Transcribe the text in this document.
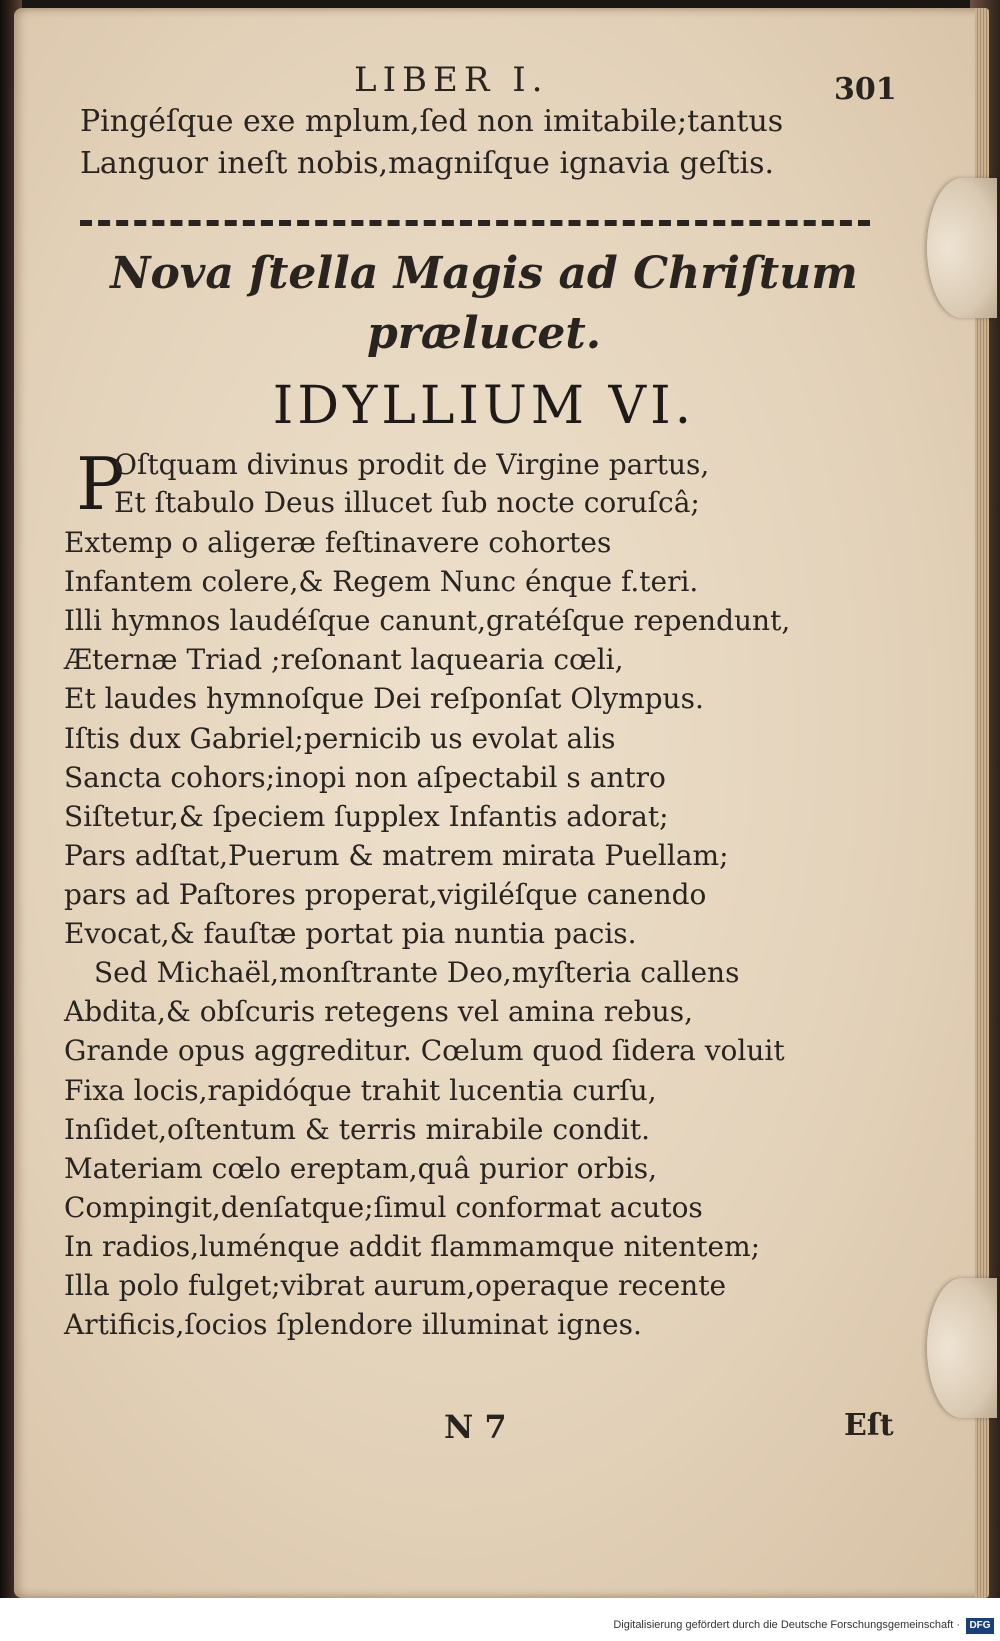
LIBER I.	301
Pingéſque exe mplum,ſed non imitabile;tantus
Languor ineſt nobis,magniſque ignavia geſtis.
Nova ſtella Magis ad Chriſtum
prælucet.
IDYLLIUM VI.
P
Oſtquam divinus prodit de Virgine partus,
Et ſtabulo Deus illucet ſub nocte coruſcâ;
Extemp o aligeræ feſtinavere cohortes
Infantem colere,& Regem Nunc énque f.teri.
Illi hymnos laudéſque canunt,gratéſque rependunt,
Æternæ Triad ;reſonant laquearia cœli,
Et laudes hymnoſque Dei reſponſat Olympus.
Iſtis dux Gabriel;pernicib us evolat alis
Sancta cohors;inopi non aſpectabil s antro
Siſtetur,& ſpeciem ſupplex Infantis adorat;
Pars adſtat,Puerum & matrem mirata Puellam;
pars ad Paſtores properat,vigiléſque canendo
Evocat,& fauſtæ portat pia nuntia pacis.
Sed Michaël,monſtrante Deo,myſteria callens
Abdita,& obſcuris retegens vel amina rebus,
Grande opus aggreditur. Cœlum quod ſidera voluit
Fixa locis,rapidóque trahit lucentia curſu,
Inſidet,oſtentum & terris mirabile condit.
Materiam cœlo ereptam,quâ purior orbis,
Compingit,denſatque;ſimul conformat acutos
In radios,luménque addit flammamque nitentem;
Illa polo fulget;vibrat aurum,operaque recente
Artificis,ſocios ſplendore illuminat ignes.
N 7	Eſt
Digitalisierung gefördert durch die Deutsche Forschungsgemeinschaft · DFG
